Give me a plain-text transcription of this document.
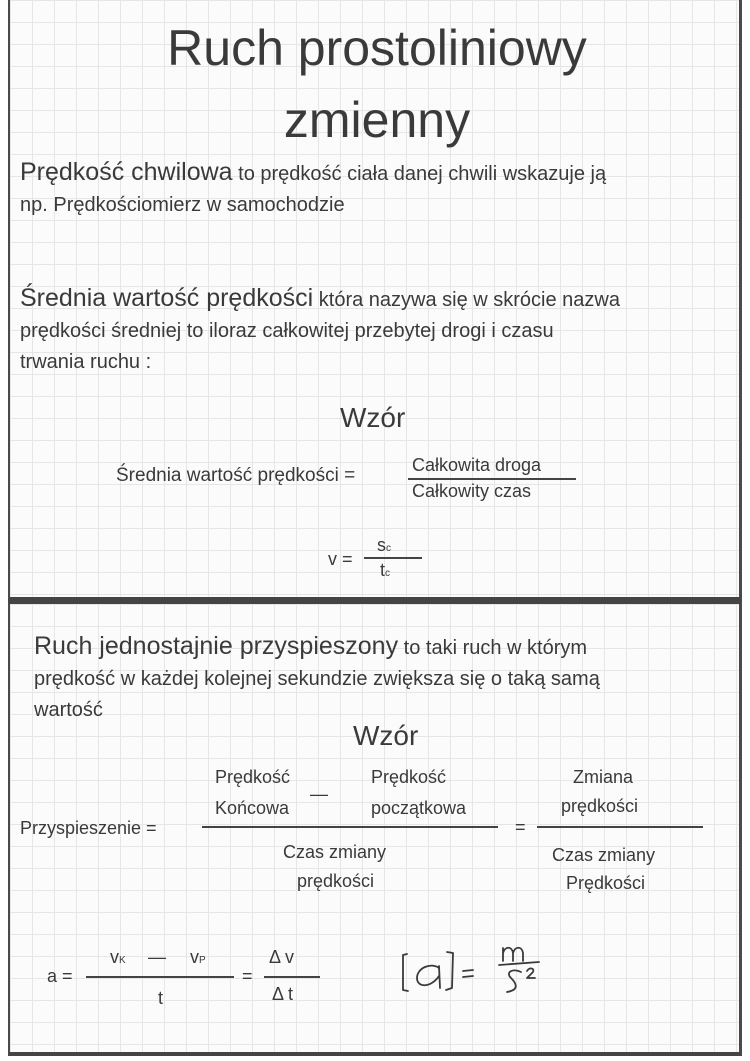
Ruch prostoliniowy
zmienny
Prędkość chwilowa to prędkość ciała danej chwili wskazuje ją
np. Prędkościomierz w samochodzie
Średnia wartość prędkości która nazywa się w skrócie nazwa
prędkości średniej to iloraz całkowitej przebytej drogi i czasu
trwania ruchu :
Wzór
Średnia wartość prędkości =	Całkowita droga
Całkowity czas
v =
sc
tc
Ruch jednostajnie przyspieszony to taki ruch w którym
prędkość w każdej kolejnej sekundzie zwiększa się o taką samą
wartość
Wzór
Prędkość
Końcowa
—
Prędkość
początkowa
Przyspieszenie =	=
Zmiana
prędkości
Czas zmiany
prędkości
Czas zmiany
Prędkości
a =
vK — vP
t
=
Δ v
Δ t
